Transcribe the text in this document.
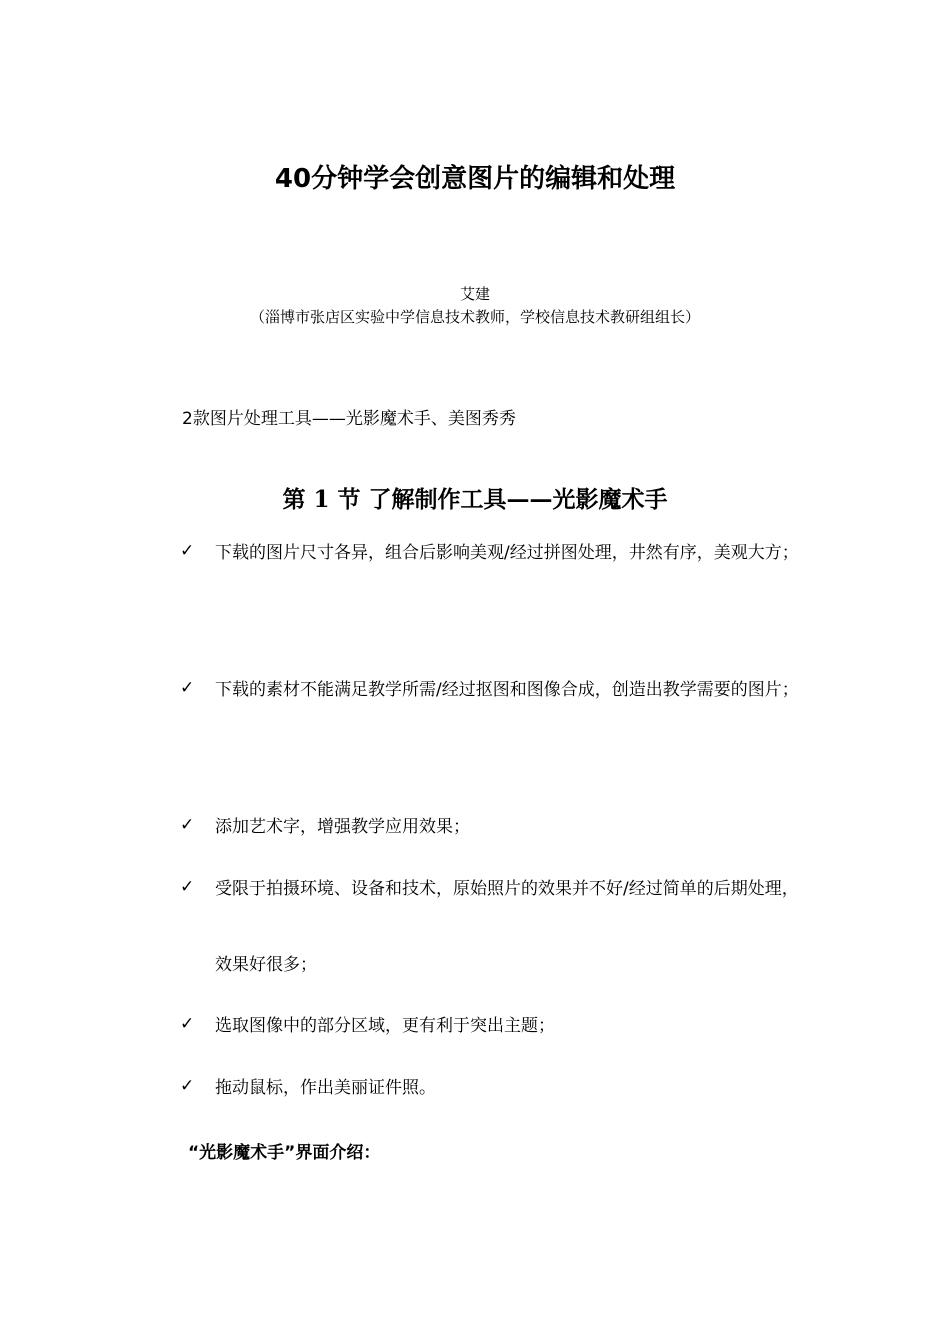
40分钟学会创意图片的编辑和处理
艾建
（淄博市张店区实验中学信息技术教师，学校信息技术教研组组长）
2款图片处理工具——光影魔术手、美图秀秀
第 1 节 了解制作工具——光影魔术手
✓ 下载的图片尺寸各异，组合后影响美观/经过拼图处理，井然有序，美观大方；
✓ 下载的素材不能满足教学所需/经过抠图和图像合成，创造出教学需要的图片；
✓ 添加艺术字，增强教学应用效果；
✓ 受限于拍摄环境、设备和技术，原始照片的效果并不好/经过简单的后期处理，效果好很多；
✓ 选取图像中的部分区域，更有利于突出主题；
✓ 拖动鼠标，作出美丽证件照。
“光影魔术手”界面介绍：
